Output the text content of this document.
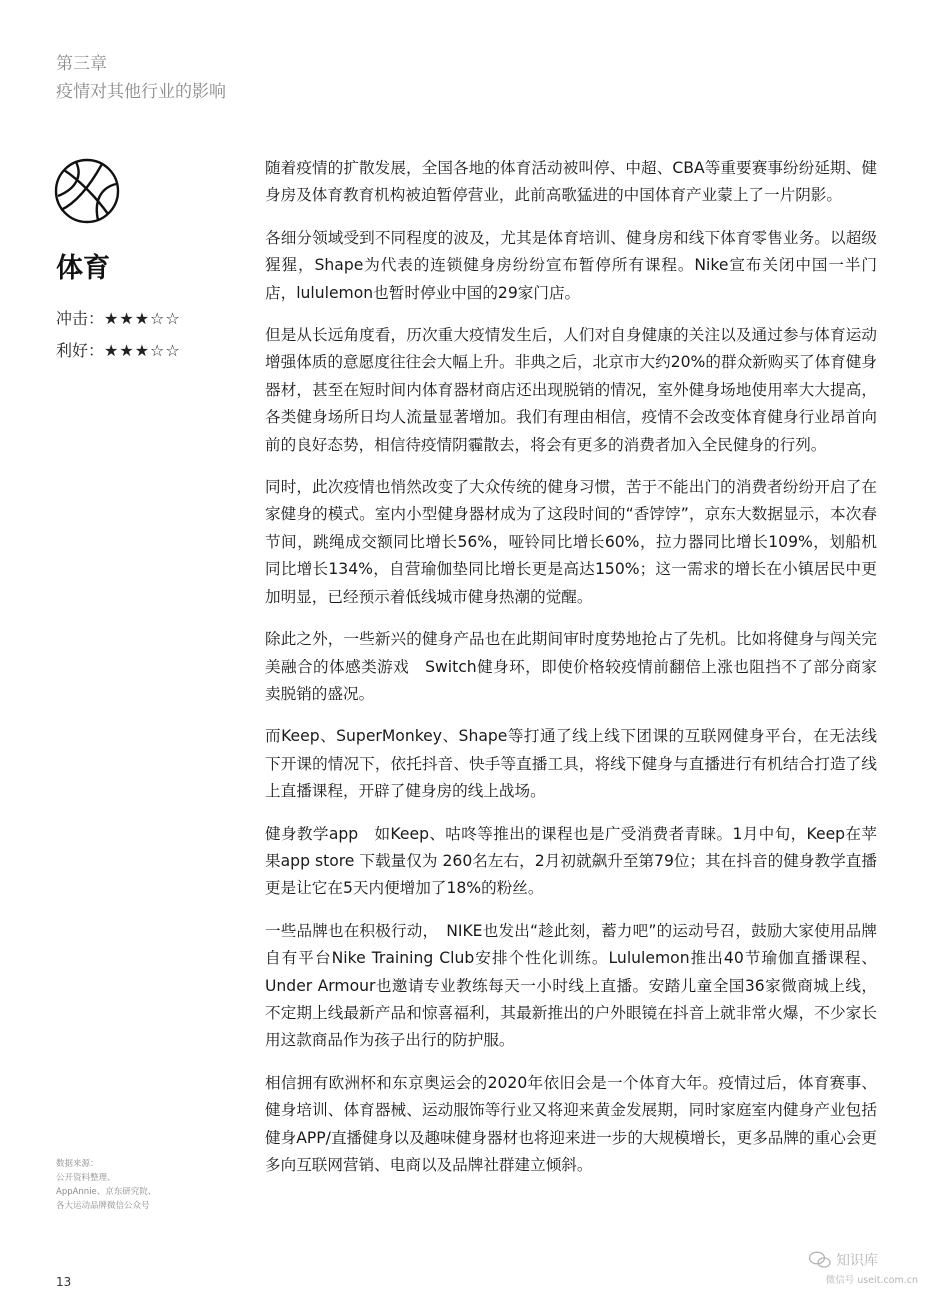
第三章
疫情对其他行业的影响
体育
冲击：★★★☆☆
利好：★★★☆☆

随着疫情的扩散发展，全国各地的体育活动被叫停、中超、CBA等重要赛事纷纷延期、健身房及体育教育机构被迫暂停营业，此前高歌猛进的中国体育产业蒙上了一片阴影。

各细分领域受到不同程度的波及，尤其是体育培训、健身房和线下体育零售业务。以超级猩猩，Shape为代表的连锁健身房纷纷宣布暂停所有课程。Nike宣布关闭中国一半门店，lululemon也暂时停业中国的29家门店。

但是从长远角度看，历次重大疫情发生后，人们对自身健康的关注以及通过参与体育运动增强体质的意愿度往往会大幅上升。非典之后，北京市大约20%的群众新购买了体育健身器材，甚至在短时间内体育器材商店还出现脱销的情况，室外健身场地使用率大大提高，各类健身场所日均人流量显著增加。我们有理由相信，疫情不会改变体育健身行业昂首向前的良好态势，相信待疫情阴霾散去，将会有更多的消费者加入全民健身的行列。

同时，此次疫情也悄然改变了大众传统的健身习惯，苦于不能出门的消费者纷纷开启了在家健身的模式。室内小型健身器材成为了这段时间的“香饽饽”，京东大数据显示，本次春节间，跳绳成交额同比增长56%，哑铃同比增长60%，拉力器同比增长109%，划船机同比增长134%，自营瑜伽垫同比增长更是高达150%；这一需求的增长在小镇居民中更加明显，已经预示着低线城市健身热潮的觉醒。

除此之外，一些新兴的健身产品也在此期间审时度势地抢占了先机。比如将健身与闯关完美融合的体感类游戏　Switch健身环，即使价格较疫情前翻倍上涨也阻挡不了部分商家卖脱销的盛况。

而Keep、SuperMonkey、Shape等打通了线上线下团课的互联网健身平台，在无法线下开课的情况下，依托抖音、快手等直播工具，将线下健身与直播进行有机结合打造了线上直播课程，开辟了健身房的线上战场。

健身教学app　如Keep、咕咚等推出的课程也是广受消费者青睐。1月中旬，Keep在苹果app store 下载量仅为 260名左右，2月初就飙升至第79位；其在抖音的健身教学直播更是让它在5天内便增加了18%的粉丝。

一些品牌也在积极行动，　NIKE也发出“趁此刻，蓄力吧”的运动号召，鼓励大家使用品牌自有平台Nike Training Club安排个性化训练。Lululemon推出40节瑜伽直播课程、Under Armour也邀请专业教练每天一小时线上直播。安踏儿童全国36家微商城上线，不定期上线最新产品和惊喜福利，其最新推出的户外眼镜在抖音上就非常火爆，不少家长用这款商品作为孩子出行的防护服。

相信拥有欧洲杯和东京奥运会的2020年依旧会是一个体育大年。疫情过后，体育赛事、健身培训、体育器械、运动服饰等行业又将迎来黄金发展期，同时家庭室内健身产业包括健身APP/直播健身以及趣味健身器材也将迎来进一步的大规模增长，更多品牌的重心会更多向互联网营销、电商以及品牌社群建立倾斜。

数据来源：
公开资料整理、
AppAnnie、京东研究院、
各大运动品牌微信公众号
13
知识库
微信号 useit.com.cn
